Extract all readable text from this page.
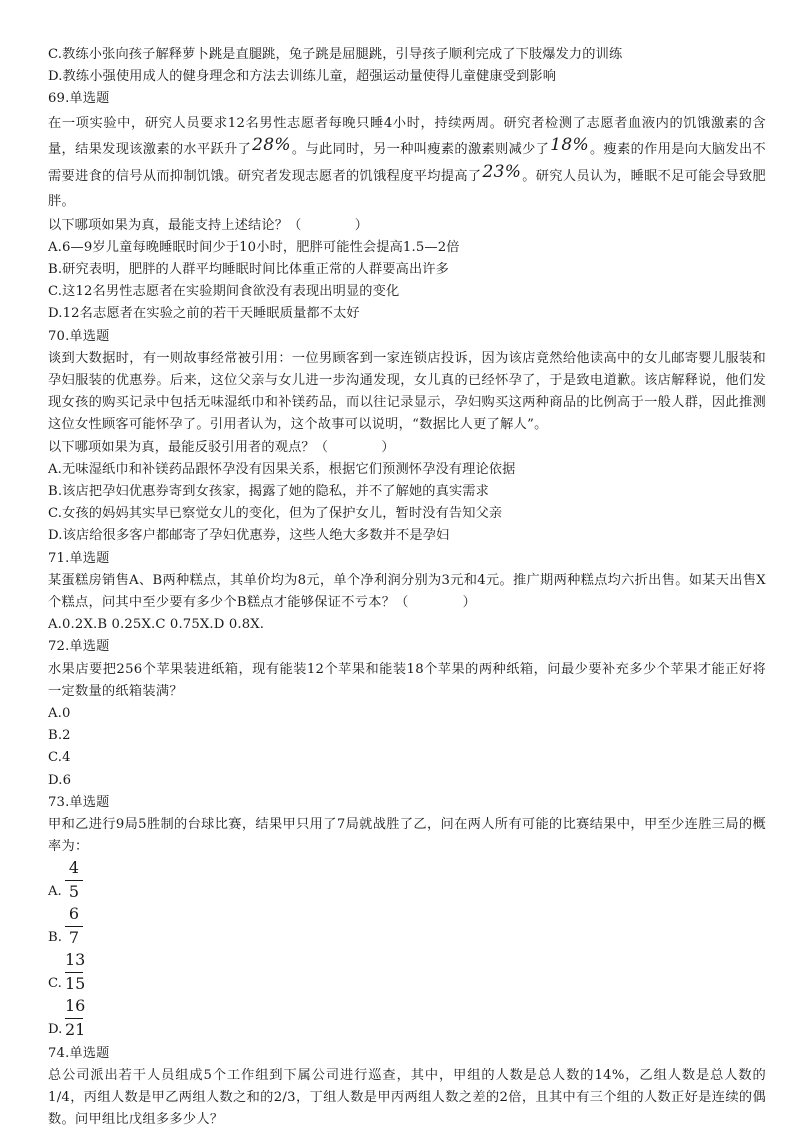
C.教练小张向孩子解释萝卜跳是直腿跳，兔子跳是屈腿跳，引导孩子顺利完成了下肢爆发力的训练
D.教练小强使用成人的健身理念和方法去训练儿童，超强运动量使得儿童健康受到影响
69.单选题
在一项实验中，研究人员要求12名男性志愿者每晚只睡4小时，持续两周。研究者检测了志愿者血液内的饥饿激素的含量，结果发现该激素的水平跃升了28%。与此同时，另一种叫瘦素的激素则减少了18%。瘦素的作用是向大脑发出不需要进食的信号从而抑制饥饿。研究者发现志愿者的饥饿程度平均提高了23%。研究人员认为，睡眠不足可能会导致肥胖。
以下哪项如果为真，最能支持上述结论？（　　　　）
A.6—9岁儿童每晚睡眠时间少于10小时，肥胖可能性会提高1.5—2倍
B.研究表明，肥胖的人群平均睡眠时间比体重正常的人群要高出许多
C.这12名男性志愿者在实验期间食欲没有表现出明显的变化
D.12名志愿者在实验之前的若干天睡眠质量都不太好
70.单选题
谈到大数据时，有一则故事经常被引用：一位男顾客到一家连锁店投诉，因为该店竟然给他读高中的女儿邮寄婴儿服装和孕妇服装的优惠券。后来，这位父亲与女儿进一步沟通发现，女儿真的已经怀孕了，于是致电道歉。该店解释说，他们发现女孩的购买记录中包括无味湿纸巾和补镁药品，而以往记录显示，孕妇购买这两种商品的比例高于一般人群，因此推测这位女性顾客可能怀孕了。引用者认为，这个故事可以说明，“数据比人更了解人”。
以下哪项如果为真，最能反驳引用者的观点？（　　　　）
A.无味湿纸巾和补镁药品跟怀孕没有因果关系，根据它们预测怀孕没有理论依据
B.该店把孕妇优惠券寄到女孩家，揭露了她的隐私，并不了解她的真实需求
C.女孩的妈妈其实早已察觉女儿的变化，但为了保护女儿，暂时没有告知父亲
D.该店给很多客户都邮寄了孕妇优惠券，这些人绝大多数并不是孕妇
71.单选题
某蛋糕房销售A、B两种糕点，其单价均为8元，单个净利润分别为3元和4元。推广期两种糕点均六折出售。如某天出售X个糕点，问其中至少要有多少个B糕点才能够保证不亏本？（　　　　）
A.0.2X.B 0.25X.C 0.75X.D 0.8X.
72.单选题
水果店要把256个苹果装进纸箱，现有能装12个苹果和能装18个苹果的两种纸箱，问最少要补充多少个苹果才能正好将一定数量的纸箱装满？
A.0
B.2
C.4
D.6
73.单选题
甲和乙进行9局5胜制的台球比赛，结果甲只用了7局就战胜了乙，问在两人所有可能的比赛结果中，甲至少连胜三局的概率为：
A.
4
5
B.
6
7
C.
13
15
D.
16
21
74.单选题
总公司派出若干人员组成5个工作组到下属公司进行巡查，其中，甲组的人数是总人数的14%，乙组人数是总人数的1/4，丙组人数是甲乙两组人数之和的2/3，丁组人数是甲丙两组人数之差的2倍，且其中有三个组的人数正好是连续的偶数。问甲组比戊组多多少人？
